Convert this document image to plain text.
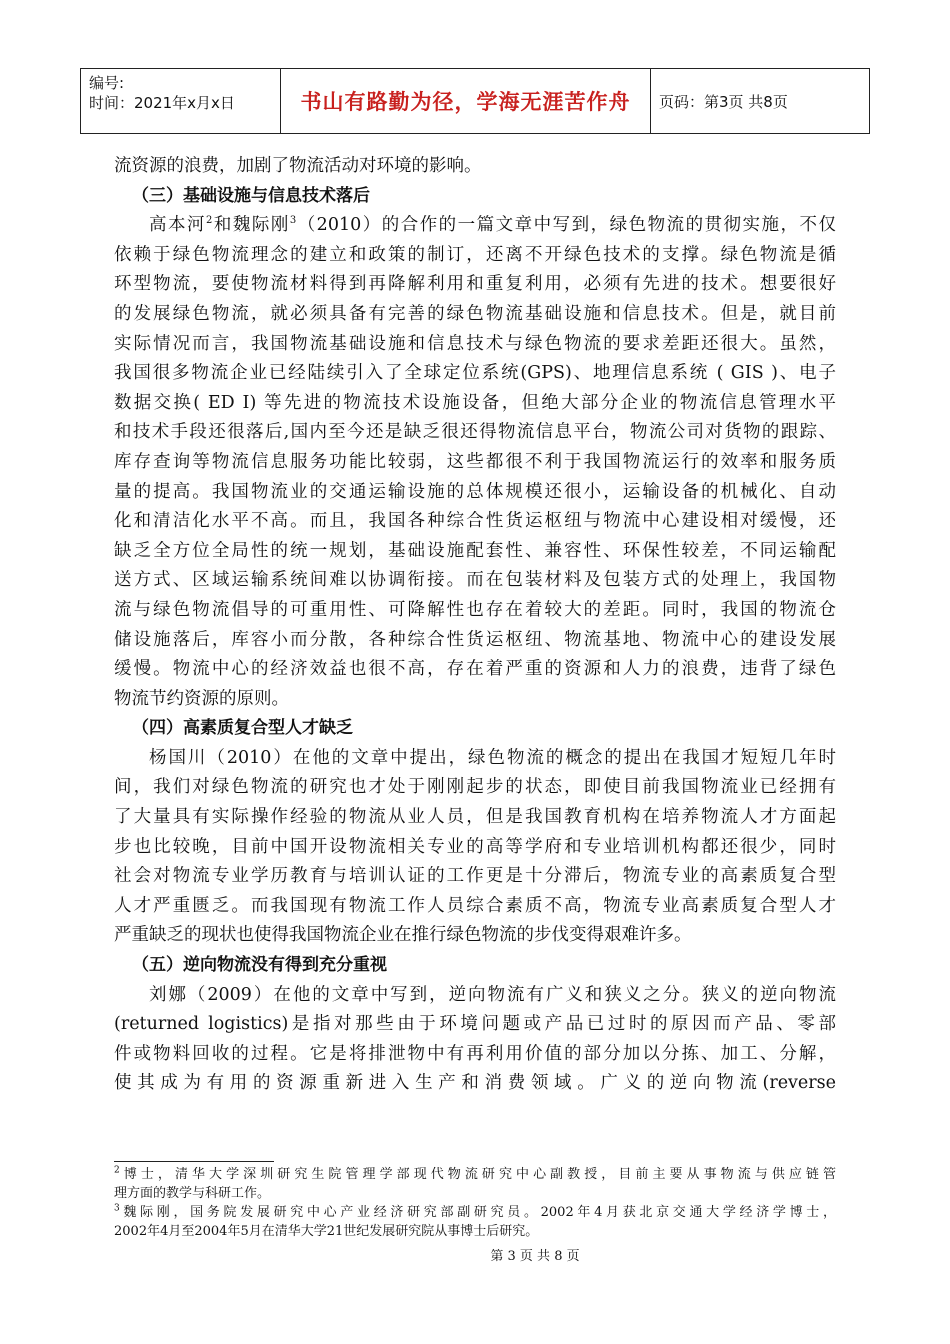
编号:
时间：2021年x月x日	书山有路勤为径，学海无涯苦作舟 页码：第3页 共8页
流资源的浪费，加剧了物流活动对环境的影响。
（三）基础设施与信息技术落后
高本河$^2$和魏际刚$^3$（2010）的合作的一篇文章中写到，绿色物流的贯彻实施，不仅
依赖于绿色物流理念的建立和政策的制订，还离不开绿色技术的支撑。绿色物流是循
环型物流，要使物流材料得到再降解利用和重复利用，必须有先进的技术。想要很好
的发展绿色物流，就必须具备有完善的绿色物流基础设施和信息技术。但是，就目前
实际情况而言，我国物流基础设施和信息技术与绿色物流的要求差距还很大。虽然，
我国很多物流企业已经陆续引入了全球定位系统(GPS)、地理信息系统 ( GIS )、电子
数据交换( ED I) 等先进的物流技术设施设备，但绝大部分企业的物流信息管理水平
和技术手段还很落后,国内至今还是缺乏很还得物流信息平台，物流公司对货物的跟踪、
库存查询等物流信息服务功能比较弱，这些都很不利于我国物流运行的效率和服务质
量的提高。我国物流业的交通运输设施的总体规模还很小，运输设备的机械化、自动
化和清洁化水平不高。而且，我国各种综合性货运枢纽与物流中心建设相对缓慢，还
缺乏全方位全局性的统一规划，基础设施配套性、兼容性、环保性较差，不同运输配
送方式、区域运输系统间难以协调衔接。而在包装材料及包装方式的处理上，我国物
流与绿色物流倡导的可重用性、可降解性也存在着较大的差距。同时，我国的物流仓
储设施落后，库容小而分散，各种综合性货运枢纽、物流基地、物流中心的建设发展
缓慢。物流中心的经济效益也很不高，存在着严重的资源和人力的浪费，违背了绿色
物流节约资源的原则。
（四）高素质复合型人才缺乏
杨国川（2010）在他的文章中提出，绿色物流的概念的提出在我国才短短几年时
间，我们对绿色物流的研究也才处于刚刚起步的状态，即使目前我国物流业已经拥有
了大量具有实际操作经验的物流从业人员，但是我国教育机构在培养物流人才方面起
步也比较晚，目前中国开设物流相关专业的高等学府和专业培训机构都还很少，同时
社会对物流专业学历教育与培训认证的工作更是十分滞后，物流专业的高素质复合型
人才严重匮乏。而我国现有物流工作人员综合素质不高，物流专业高素质复合型人才
严重缺乏的现状也使得我国物流企业在推行绿色物流的步伐变得艰难许多。
（五）逆向物流没有得到充分重视
刘娜（2009）在他的文章中写到，逆向物流有广义和狭义之分。狭义的逆向物流
(returned logistics)是指对那些由于环境问题或产品已过时的原因而产品、零部
件或物料回收的过程。它是将排泄物中有再利用价值的部分加以分拣、加工、分解，
使其成为有用的资源重新进入生产和消费领域。广义的逆向物流(reverse
$^2$博士，清华大学深圳研究生院管理学部现代物流研究中心副教授，目前主要从事物流与供应链管
理方面的教学与科研工作。
$^3$魏际刚，国务院发展研究中心产业经济研究部副研究员。2002年4月获北京交通大学经济学博士，
2002年4月至2004年5月在清华大学21世纪发展研究院从事博士后研究。
第 3 页 共 8 页
